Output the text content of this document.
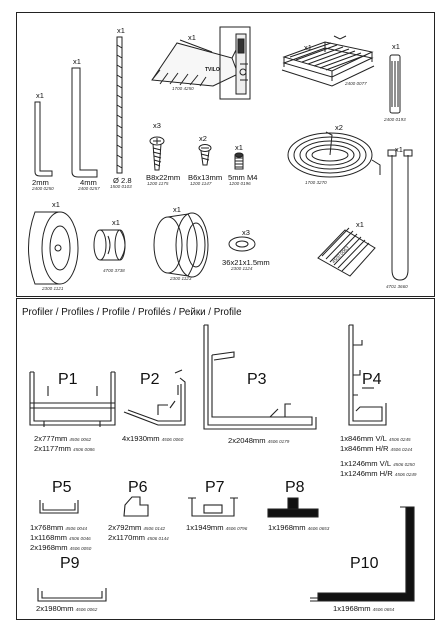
x1
2mm
2400 0250
x1
4mm
2400 0257
x1
Ø 2.8
1500 0103
x1
TVILO
1700 4250
x1
2400 0077
x1
2400 0193
x3
B8x22mm
1200 1175
x2
B6x13mm
1200 1147
x1
5mm M4
1200 0196
x2
1700 3270
x1
4701 3660
x1
2300 1121
x1
4700 3738
x1
2300 1123
x3
36x21x1.5mm
2300 1124
x1
4500 0063
Profiler / Profiles / Profile / Profilés / Рейки / Profile
P1
2x777mm 4506 0062
2x1177mm 4506 0086
P2
4x1930mm 4506 0060
P3
2x2048mm 4506 0179
P4
1x846mm V/L 4506 0245
1x846mm H/R 4506 0244
1x1246mm V/L 4506 0250
1x1246mm H/R 4506 0249
P5
1x768mm 4506 0044
1x1168mm 4506 0046
2x1968mm 4506 0050
P6
2x792mm 4506 0142
2x1170mm 4506 0144
P7
1x1949mm 4506 0796
P8
1x1968mm 4606 0653
P9
2x1980mm 4506 0062
P10
1x1968mm 4506 0654
